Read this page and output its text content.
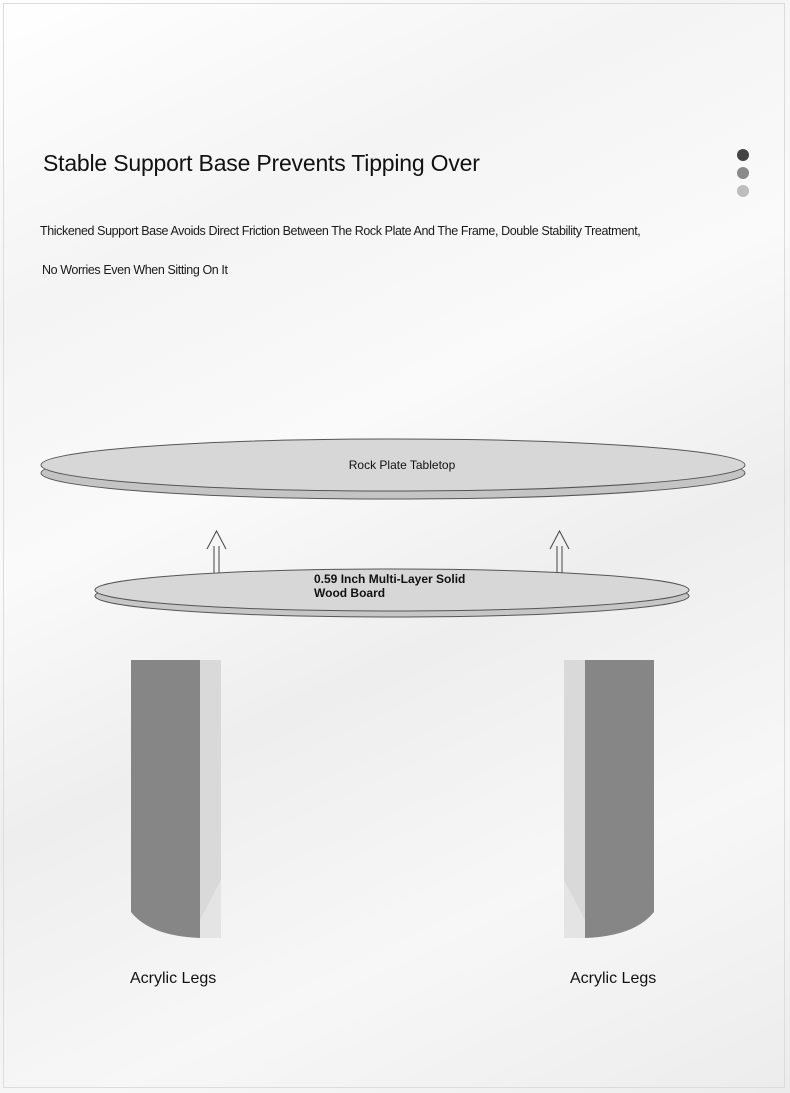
Stable Support Base Prevents Tipping Over

Thickened Support Base Avoids Direct Friction Between The Rock Plate And The Frame, Double Stability Treatment,

No Worries Even When Sitting On It

Rock Plate Tabletop
0.59 Inch Multi-Layer Solid
Wood Board

Acrylic Legs	Acrylic Legs
